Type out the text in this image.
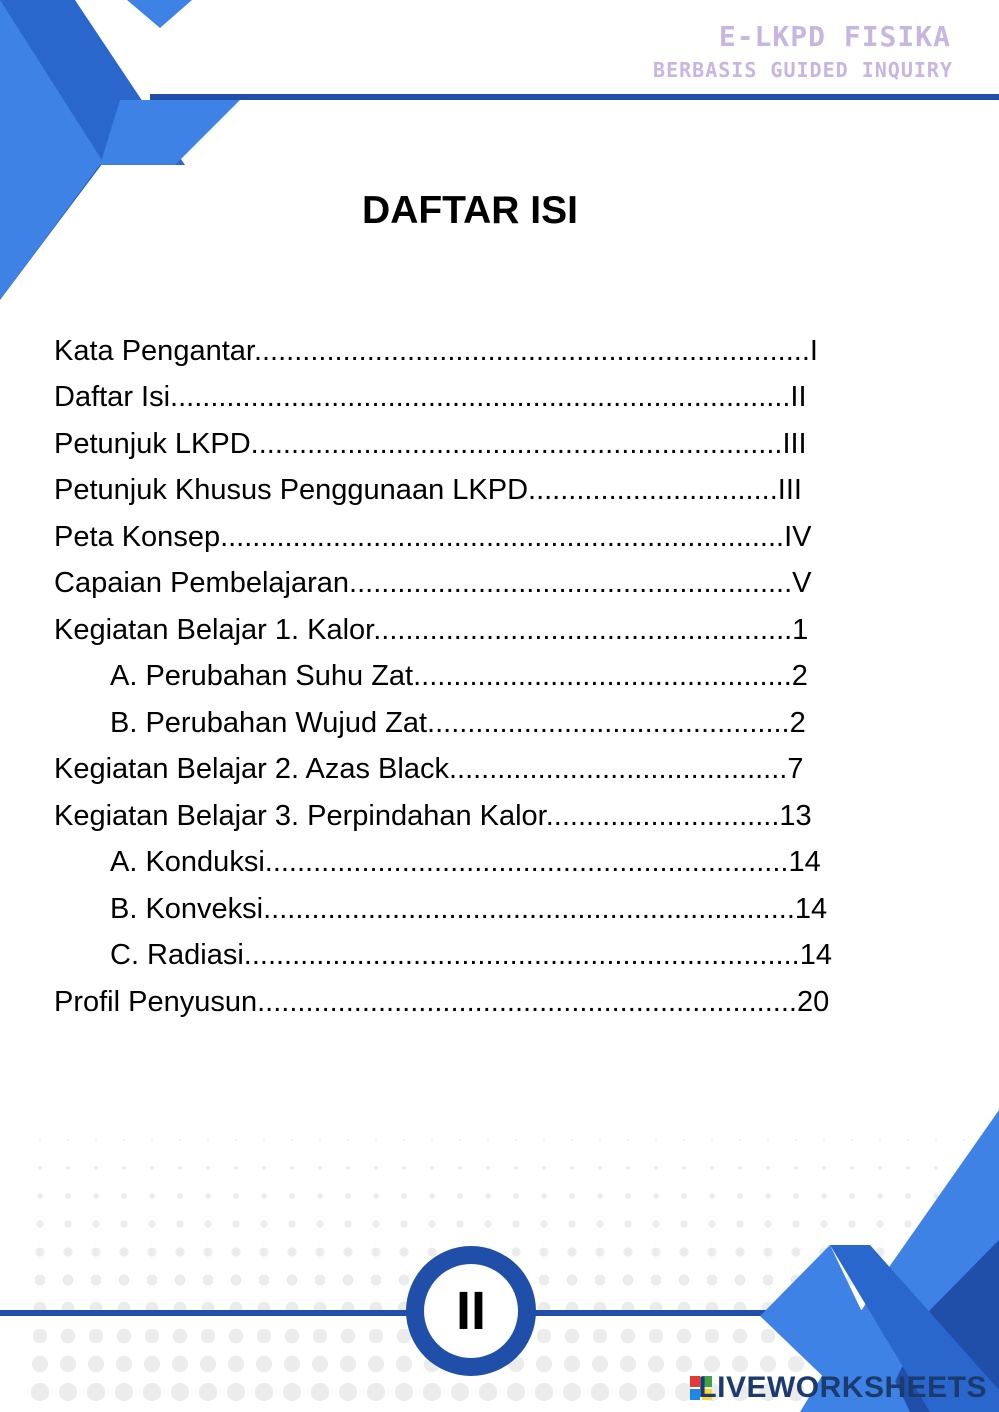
E-LKPD FISIKA
BERBASIS GUIDED INQUIRY
DAFTAR ISI
Kata Pengantar.....................................................................I
Daftar Isi.............................................................................II
Petunjuk LKPD..................................................................III
Petunjuk Khusus Penggunaan LKPD...............................III
Peta Konsep......................................................................IV
Capaian Pembelajaran.......................................................V
Kegiatan Belajar 1. Kalor....................................................1
A. Perubahan Suhu Zat...............................................2
B. Perubahan Wujud Zat.............................................2
Kegiatan Belajar 2. Azas Black..........................................7
Kegiatan Belajar 3. Perpindahan Kalor.............................13
A. Konduksi.................................................................14
B. Konveksi..................................................................14
C. Radiasi.....................................................................14
Profil Penyusun...................................................................20
II
LIVEWORKSHEETS
